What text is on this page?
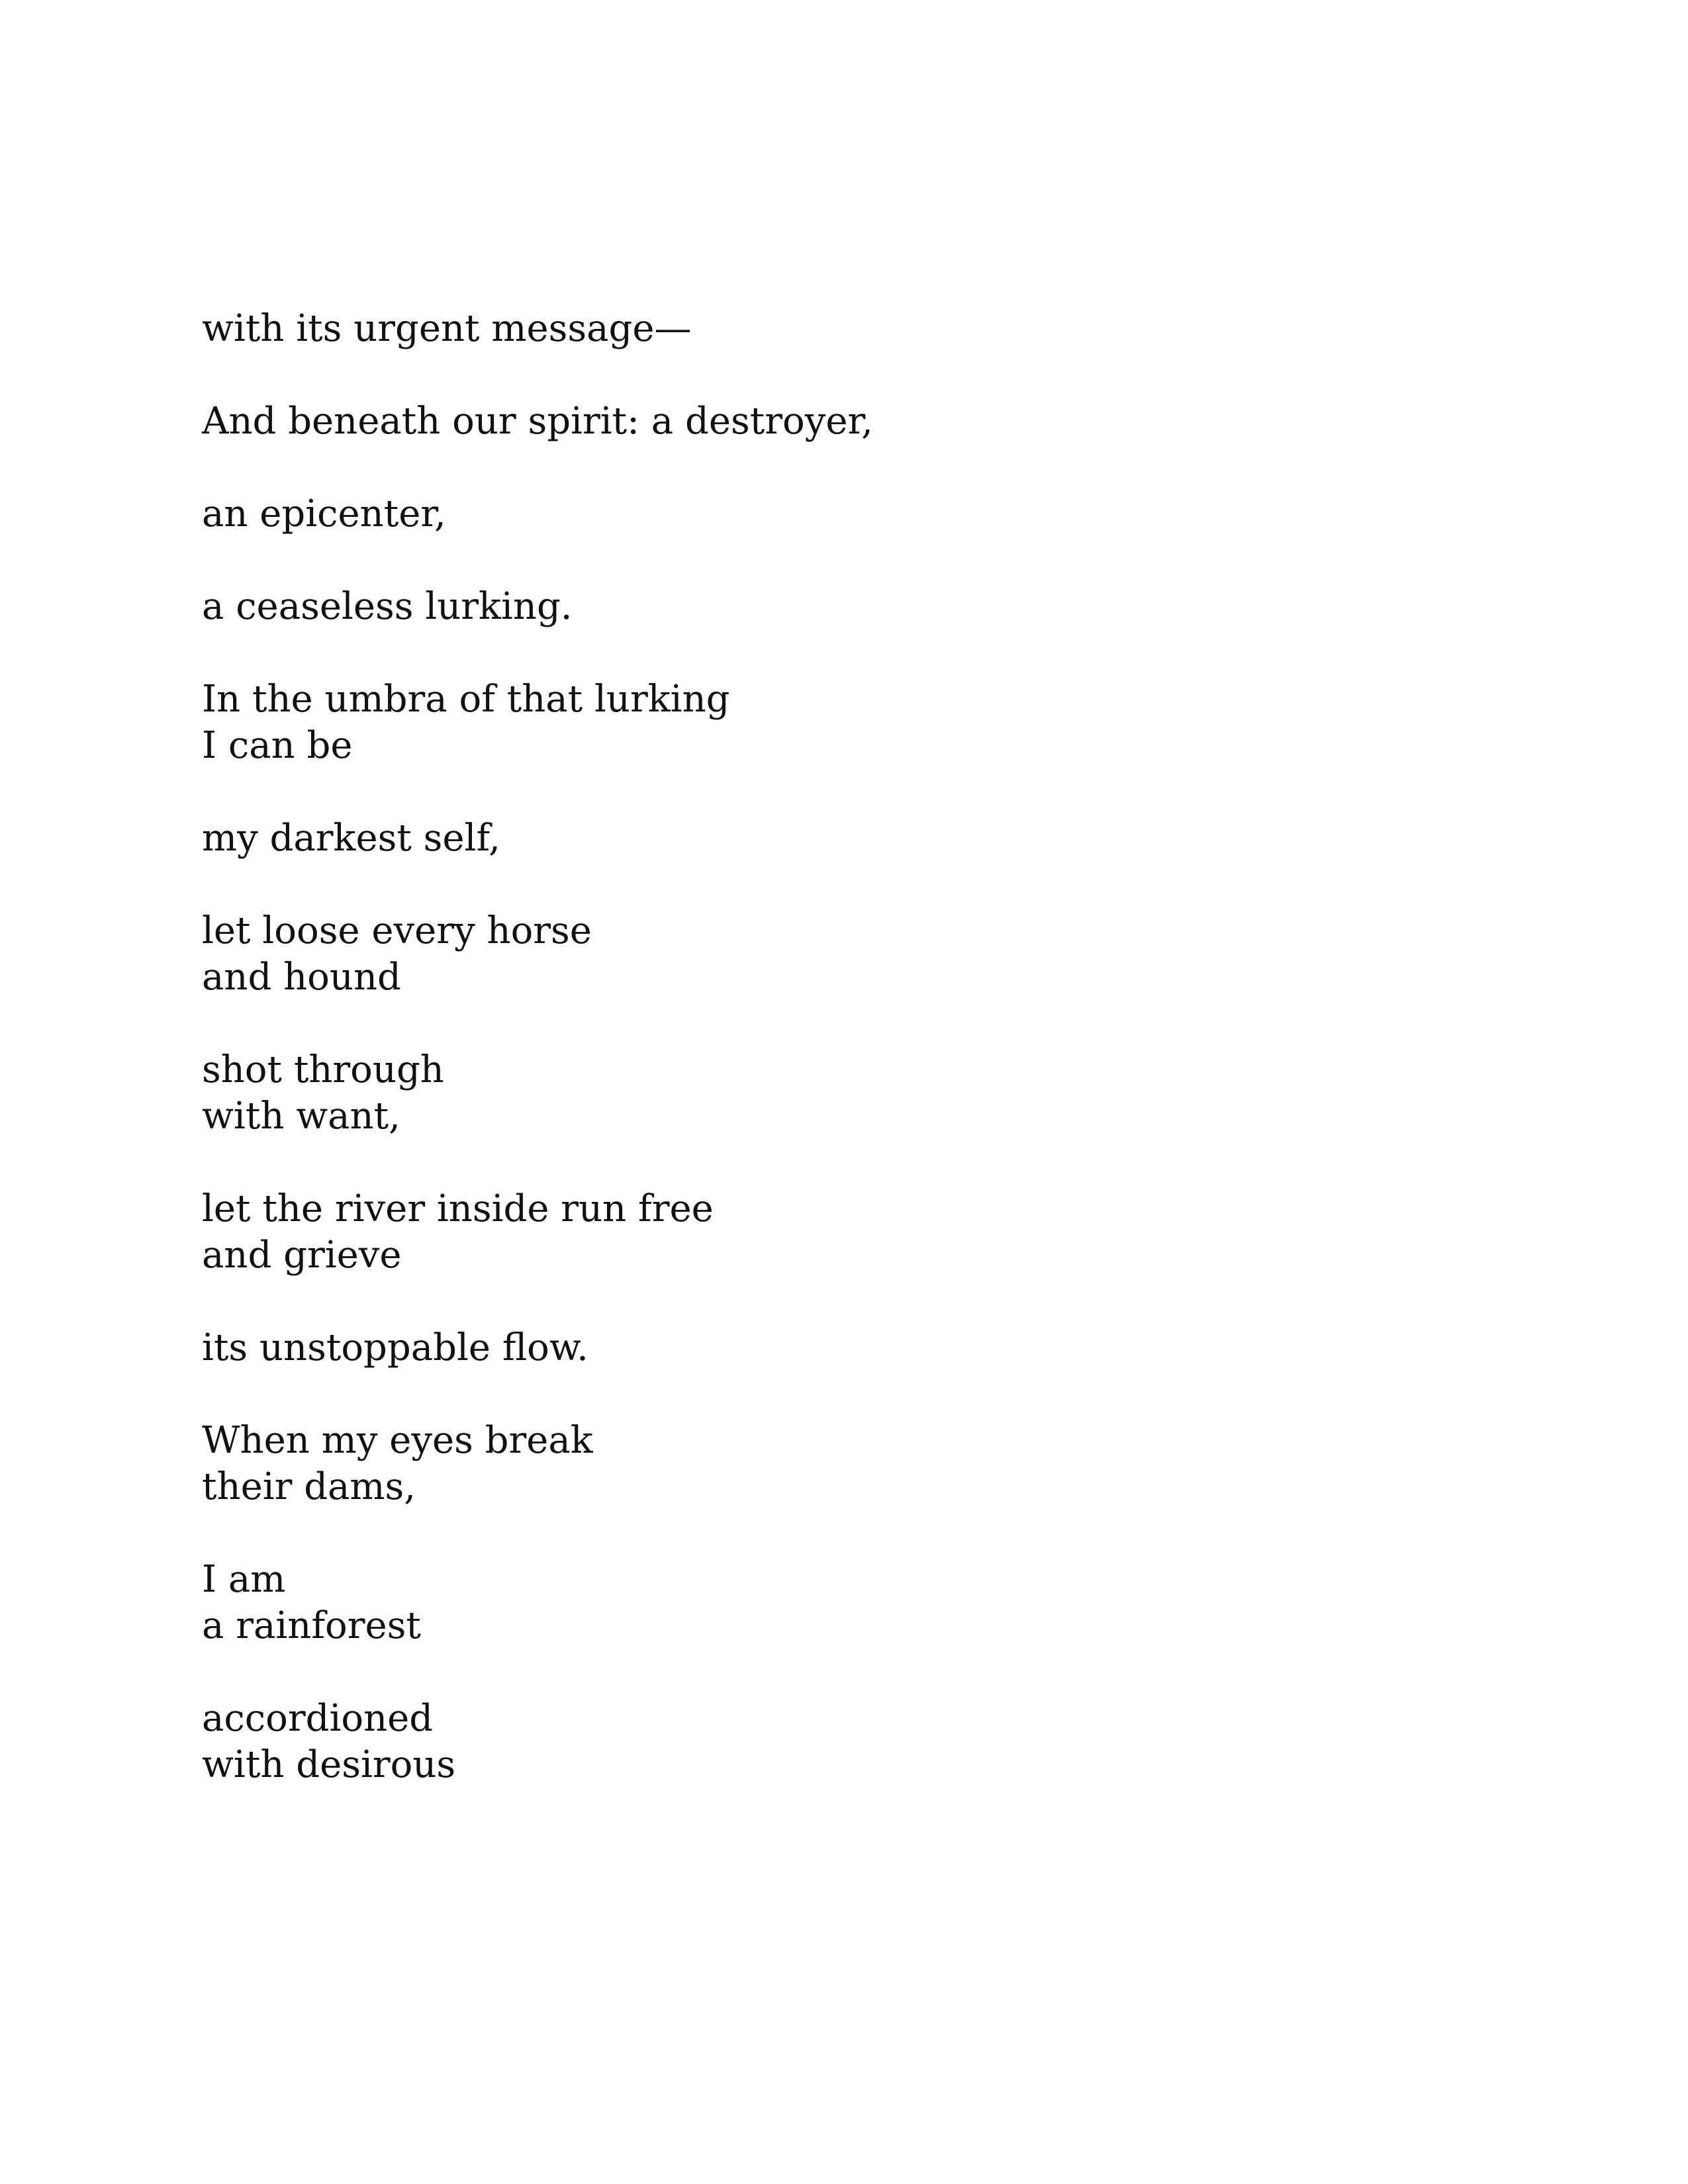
with its urgent message—
And beneath our spirit: a destroyer,
an epicenter,
a ceaseless lurking.
In the umbra of that lurking
I can be
my darkest self,
let loose every horse
and hound
shot through
with want,
let the river inside run free
and grieve
its unstoppable flow.
When my eyes break
their dams,
I am
a rainforest
accordioned
with desirous
